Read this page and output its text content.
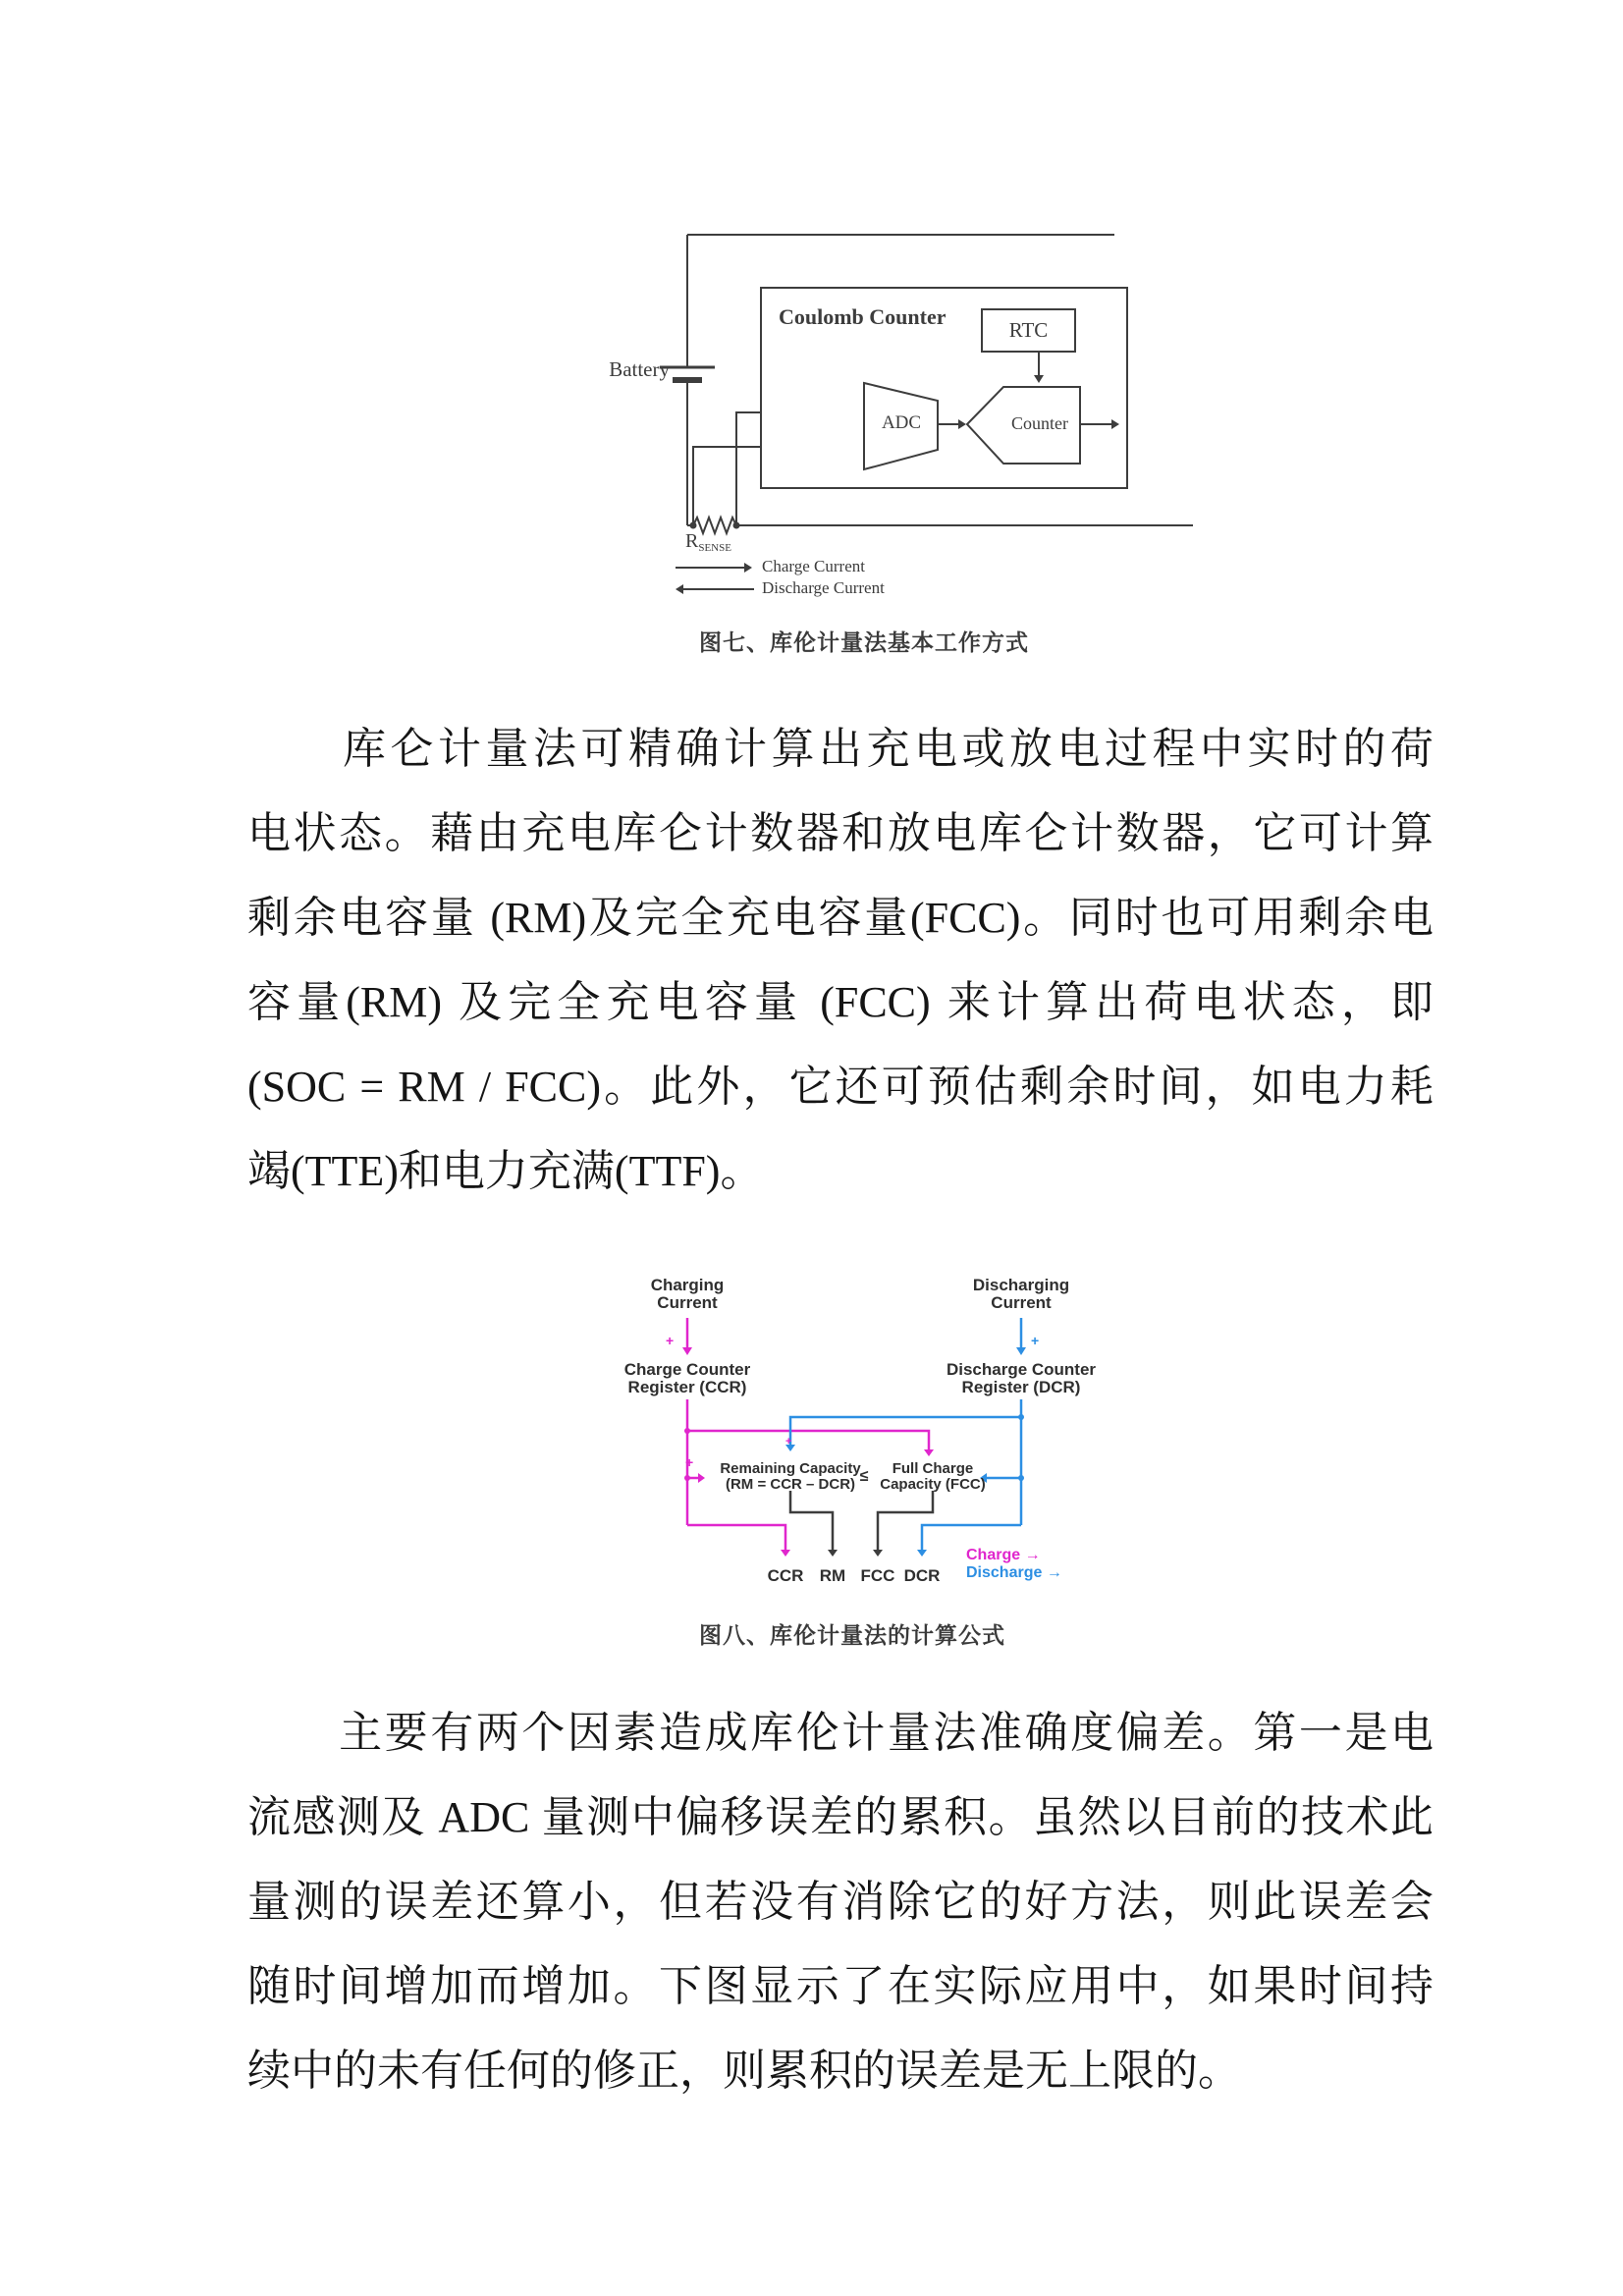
Battery
Coulomb Counter
RTC
ADC	Counter
$R_{SENSE}$
Charge Current
Discharge Current
图七、库伦计量法基本工作方式
　　库仑计量法可精确计算出充电或放电过程中实时的荷
电状态。藉由充电库仑计数器和放电库仑计数器，它可计算
剩余电容量 (RM)及完全充电容量(FCC)。同时也可用剩余电
容量(RM) 及完全充电容量 (FCC) 来计算出荷电状态，即
(SOC = RM / FCC)。此外，它还可预估剩余时间，如电力耗
竭(TTE)和电力充满(TTF)。
Charging
Current
Discharging
Current
+	+
Charge Counter
Register (CCR)
Discharge Counter
Register (DCR)
+
+
Remaining Capacity
(RM = CCR – DCR) ≤	Full Charge
Capacity (FCC)
CCR RM FCC DCR
Charge →
Discharge →
图八、库伦计量法的计算公式
　　主要有两个因素造成库伦计量法准确度偏差。第一是电
流感测及 ADC 量测中偏移误差的累积。虽然以目前的技术此
量测的误差还算小，但若没有消除它的好方法，则此误差会
随时间增加而增加。下图显示了在实际应用中，如果时间持
续中的未有任何的修正，则累积的误差是无上限的。
